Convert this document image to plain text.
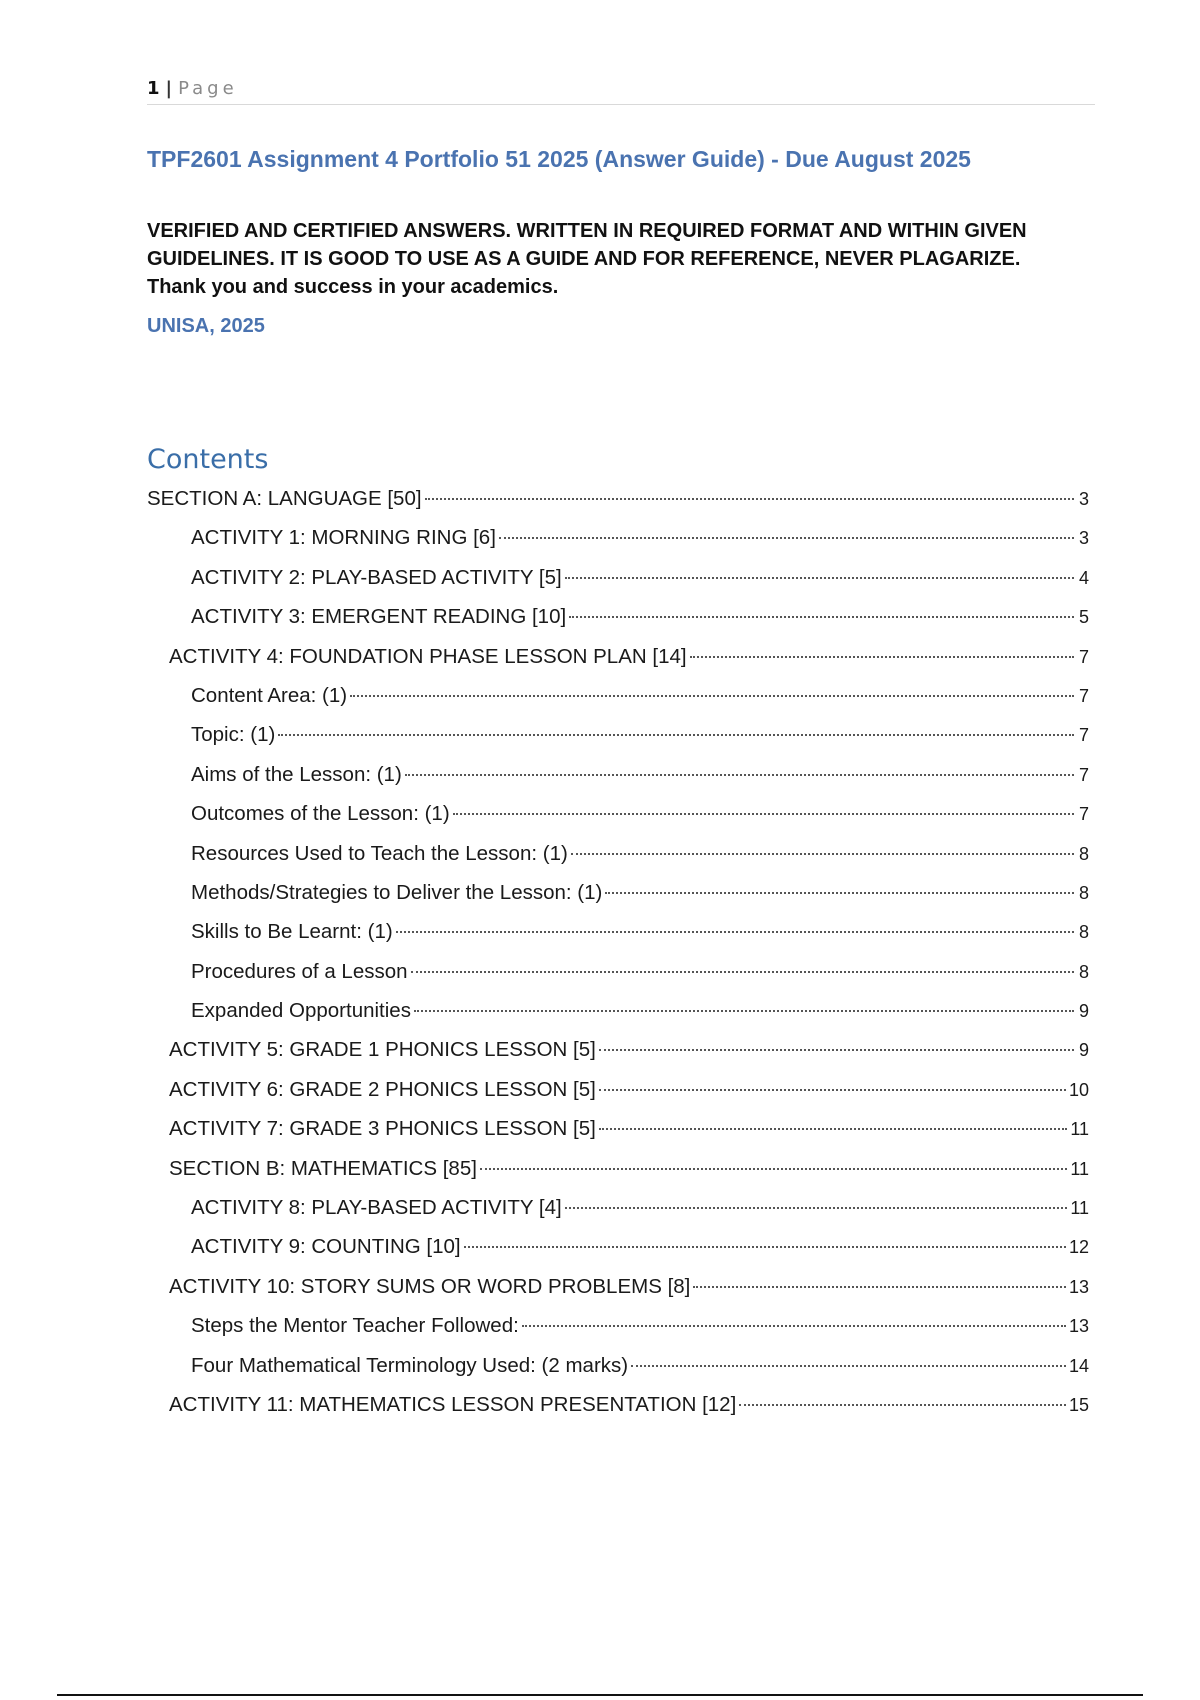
1 | Page
TPF2601 Assignment 4 Portfolio 51 2025 (Answer Guide) - Due August 2025
VERIFIED AND CERTIFIED ANSWERS. WRITTEN IN REQUIRED FORMAT AND WITHIN GIVEN GUIDELINES. IT IS GOOD TO USE AS A GUIDE AND FOR REFERENCE, NEVER PLAGARIZE. Thank you and success in your academics.
UNISA, 2025
Contents
SECTION A: LANGUAGE [50]	3
ACTIVITY 1: MORNING RING [6]	3
ACTIVITY 2: PLAY-BASED ACTIVITY [5]	4
ACTIVITY 3: EMERGENT READING [10]	5
ACTIVITY 4: FOUNDATION PHASE LESSON PLAN [14]	7
Content Area: (1)	7
Topic: (1)	7
Aims of the Lesson: (1)	7
Outcomes of the Lesson: (1)	7
Resources Used to Teach the Lesson: (1)	8
Methods/Strategies to Deliver the Lesson: (1)	8
Skills to Be Learnt: (1)	8
Procedures of a Lesson	8
Expanded Opportunities	9
ACTIVITY 5: GRADE 1 PHONICS LESSON [5]	9
ACTIVITY 6: GRADE 2 PHONICS LESSON [5]	10
ACTIVITY 7: GRADE 3 PHONICS LESSON [5]	11
SECTION B: MATHEMATICS [85]	11
ACTIVITY 8: PLAY-BASED ACTIVITY [4]	11
ACTIVITY 9: COUNTING [10]	12
ACTIVITY 10: STORY SUMS OR WORD PROBLEMS [8]	13
Steps the Mentor Teacher Followed:	13
Four Mathematical Terminology Used: (2 marks)	14
ACTIVITY 11: MATHEMATICS LESSON PRESENTATION [12]	15
